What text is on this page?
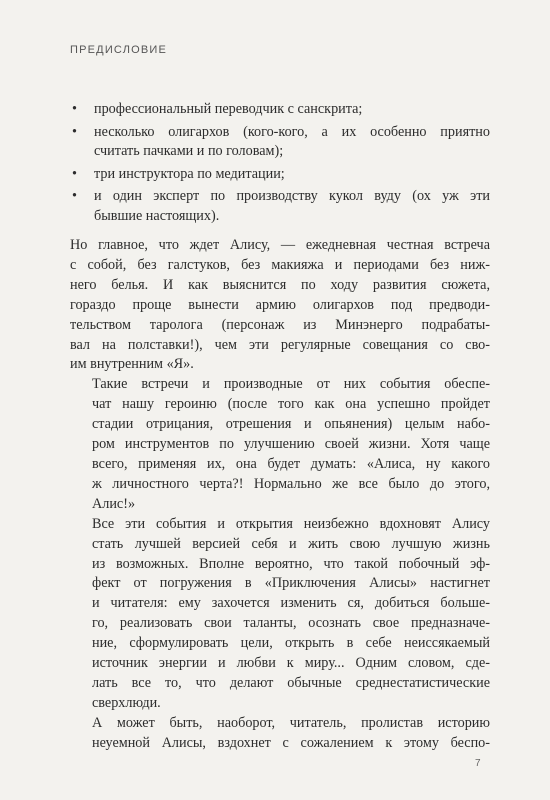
ПРЕДИСЛОВИЕ
• профессиональный переводчик с санскрита;
• несколько олигархов (кого-кого, а их особенно приятно
считать пачками и по головам);
• три инструктора по медитации;
• и один эксперт по производству кукол вуду (ох уж эти
бывшие настоящих).

Но главное, что ждет Алису, — ежедневная честная встреча
с собой, без галстуков, без макияжа и периодами без ниж-
него белья. И как выяснится по ходу развития сюжета,
гораздо проще вынести армию олигархов под предводи-
тельством таролога (персонаж из Минэнерго подрабаты-
вал на полставки!), чем эти регулярные совещания со сво-
им внутренним «Я».

Такие встречи и производные от них события обеспе-
чат нашу героиню (после того как она успешно пройдет
стадии отрицания, отрешения и опьянения) целым набо-
ром инструментов по улучшению своей жизни. Хотя чаще
всего, применяя их, она будет думать: «Алиса, ну какого
ж личностного черта?! Нормально же все было до этого,
Алис!»

Все эти события и открытия неизбежно вдохновят Алису
стать лучшей версией себя и жить свою лучшую жизнь
из возможных. Вполне вероятно, что такой побочный эф-
фект от погружения в «Приключения Алисы» настигнет
и читателя: ему захочется изменить ся, добиться больше-
го, реализовать свои таланты, осознать свое предназначе-
ние, сформулировать цели, открыть в себе неиссякаемый
источник энергии и любви к миру... Одним словом, сде-
лать все то, что делают обычные среднестатистические
сверхлюди.

А может быть, наоборот, читатель, пролистав историю
неуемной Алисы, вздохнет с сожалением к этому беспо-

7
